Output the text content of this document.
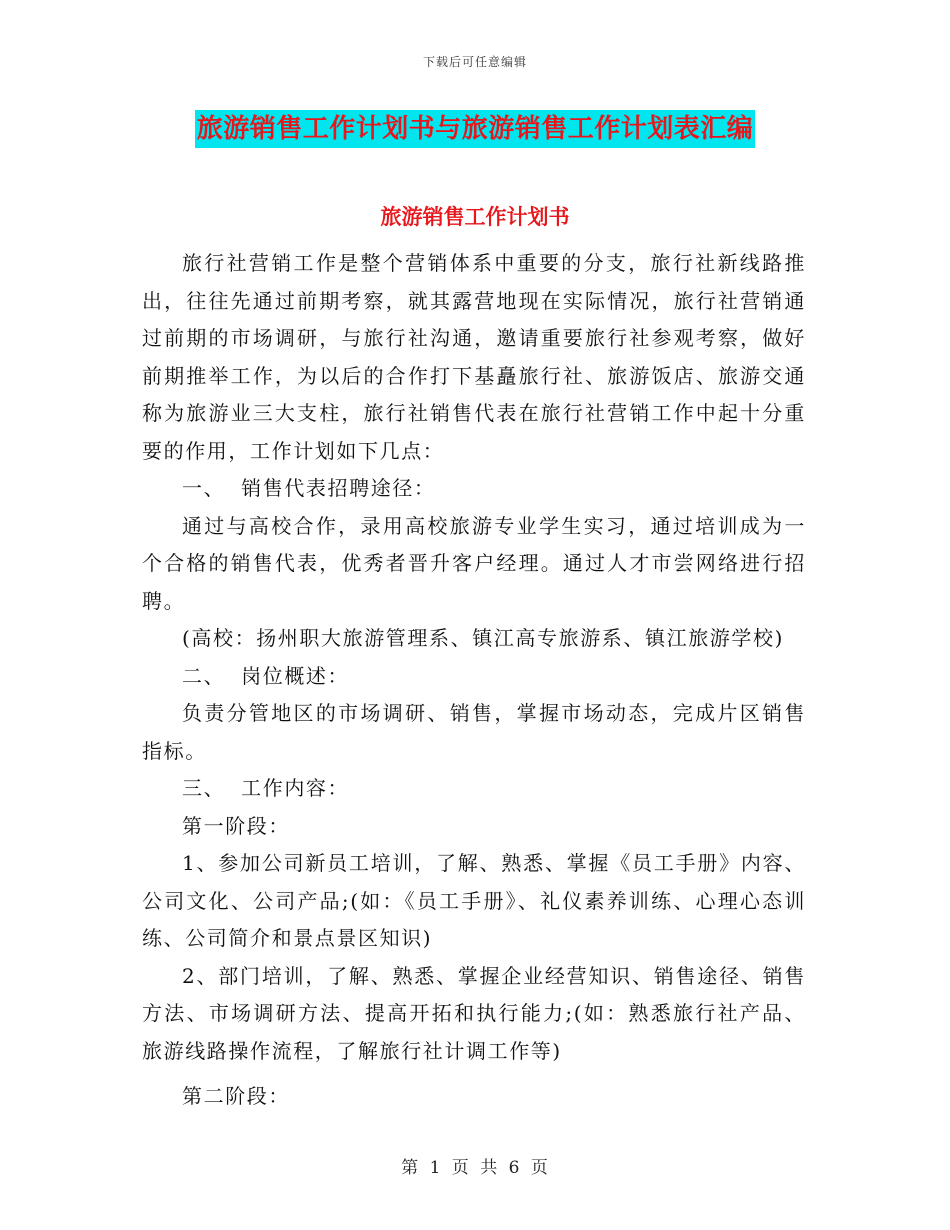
下载后可任意编辑
旅游销售工作计划书与旅游销售工作计划表汇编
旅游销售工作计划书

旅行社营销工作是整个营销体系中重要的分支，旅行社新线路推出，往往先通过前期考察，就其露营地现在实际情况，旅行社营销通过前期的市场调研，与旅行社沟通，邀请重要旅行社参观考察，做好前期推举工作，为以后的合作打下基矗旅行社、旅游饭店、旅游交通称为旅游业三大支柱，旅行社销售代表在旅行社营销工作中起十分重要的作用，工作计划如下几点：

一、  销售代表招聘途径：

通过与高校合作，录用高校旅游专业学生实习，通过培训成为一个合格的销售代表，优秀者晋升客户经理。通过人才市尝网络进行招聘。

(高校：扬州职大旅游管理系、镇江高专旅游系、镇江旅游学校)

二、  岗位概述：

负责分管地区的市场调研、销售，掌握市场动态，完成片区销售指标。

三、  工作内容：

第一阶段：

1、参加公司新员工培训，了解、熟悉、掌握《员工手册》内容、公司文化、公司产品;(如：《员工手册》、礼仪素养训练、心理心态训练、公司简介和景点景区知识)

2、部门培训，了解、熟悉、掌握企业经营知识、销售途径、销售方法、市场调研方法、提高开拓和执行能力;(如：熟悉旅行社产品、旅游线路操作流程，了解旅行社计调工作等)

第二阶段：

第 1 页 共 6 页
